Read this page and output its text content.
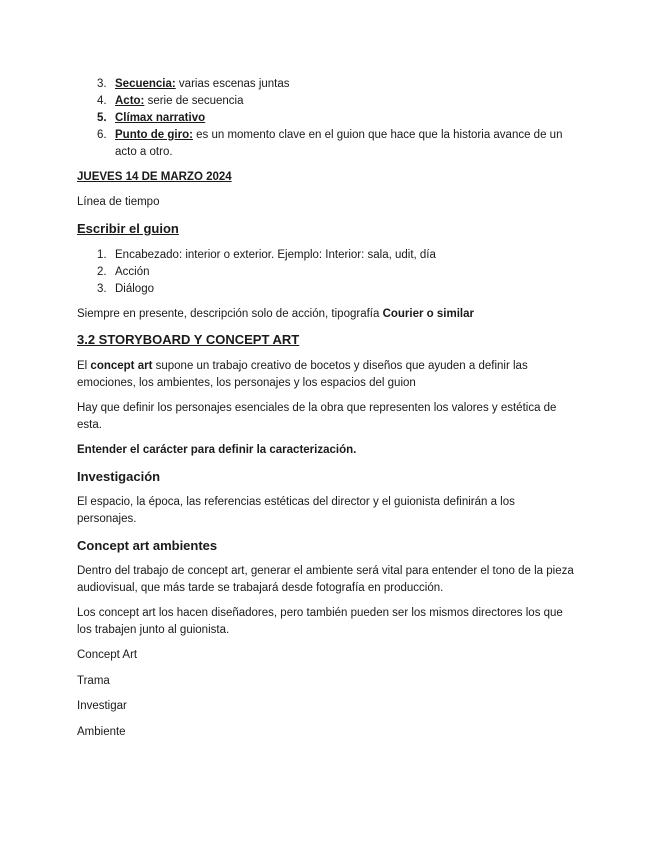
3. Secuencia: varias escenas juntas
4. Acto: serie de secuencia
5. Clímax narrativo
6. Punto de giro: es un momento clave en el guion que hace que la historia avance de un acto a otro.

JUEVES 14 DE MARZO 2024

Línea de tiempo

Escribir el guion

1. Encabezado: interior o exterior. Ejemplo: Interior: sala, udit, día
2. Acción
3. Diálogo

Siempre en presente, descripción solo de acción, tipografía Courier o similar

3.2 STORYBOARD Y CONCEPT ART

El concept art supone un trabajo creativo de bocetos y diseños que ayuden a definir las emociones, los ambientes, los personajes y los espacios del guion

Hay que definir los personajes esenciales de la obra que representen los valores y estética de esta.

Entender el carácter para definir la caracterización.

Investigación

El espacio, la época, las referencias estéticas del director y el guionista definirán a los personajes.

Concept art ambientes

Dentro del trabajo de concept art, generar el ambiente será vital para entender el tono de la pieza audiovisual, que más tarde se trabajará desde fotografía en producción.

Los concept art los hacen diseñadores, pero también pueden ser los mismos directores los que los trabajen junto al guionista.

Concept Art

Trama

Investigar

Ambiente
